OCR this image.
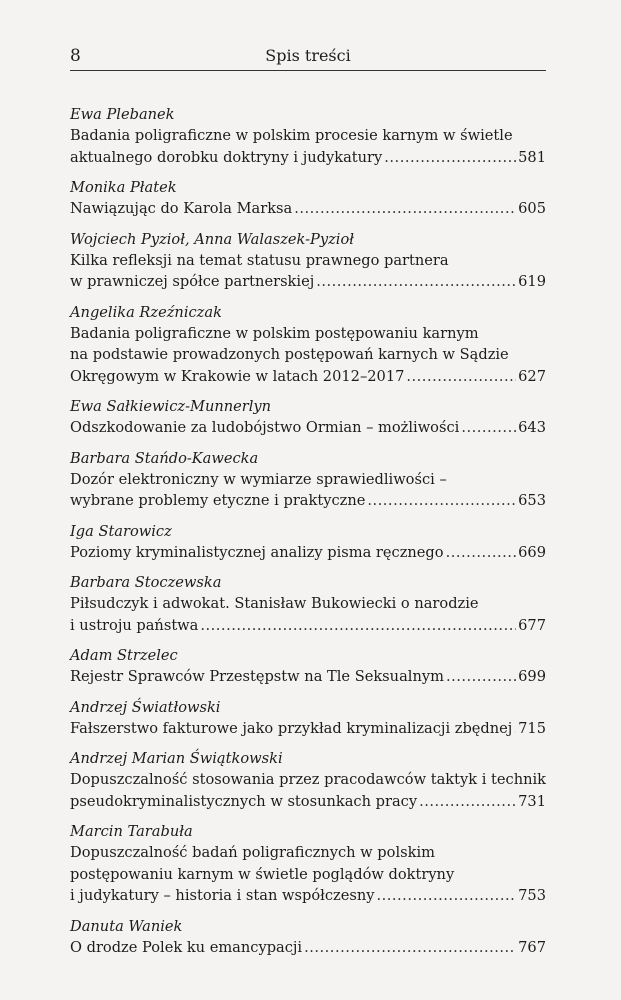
8	Spis treści
Ewa Plebanek
Badania poligraficzne w polskim procesie karnym w świetle
aktualnego dorobku doktryny i judykatury .....	581
Monika Płatek
Nawiązując do Karola Marksa .....	605
Wojciech Pyzioł, Anna Walaszek-Pyzioł
Kilka refleksji na temat statusu prawnego partnera
w prawniczej spółce partnerskiej .....	619
Angelika Rzeźniczak
Badania poligraficzne w polskim postępowaniu karnym
na podstawie prowadzonych postępowań karnych w Sądzie
Okręgowym w Krakowie w latach 2012–2017 .....	627
Ewa Sałkiewicz-Munnerlyn
Odszkodowanie za ludobójstwo Ormian – możliwości .....	643
Barbara Stańdo-Kawecka
Dozór elektroniczny w wymiarze sprawiedliwości –
wybrane problemy etyczne i praktyczne .....	653
Iga Starowicz
Poziomy kryminalistycznej analizy pisma ręcznego .....	669
Barbara Stoczewska
Piłsudczyk i adwokat. Stanisław Bukowiecki o narodzie
i ustroju państwa .....	677
Adam Strzelec
Rejestr Sprawców Przestępstw na Tle Seksualnym .....	699
Andrzej Światłowski
Fałszerstwo fakturowe jako przykład kryminalizacji zbędnej ..... 715
Andrzej Marian Świątkowski
Dopuszczalność stosowania przez pracodawców taktyk i technik
pseudokryminalistycznych w stosunkach pracy .....	731
Marcin Tarabuła
Dopuszczalność badań poligraficznych w polskim
postępowaniu karnym w świetle poglądów doktryny
i judykatury – historia i stan współczesny .....	753
Danuta Waniek
O drodze Polek ku emancypacji .....	767
